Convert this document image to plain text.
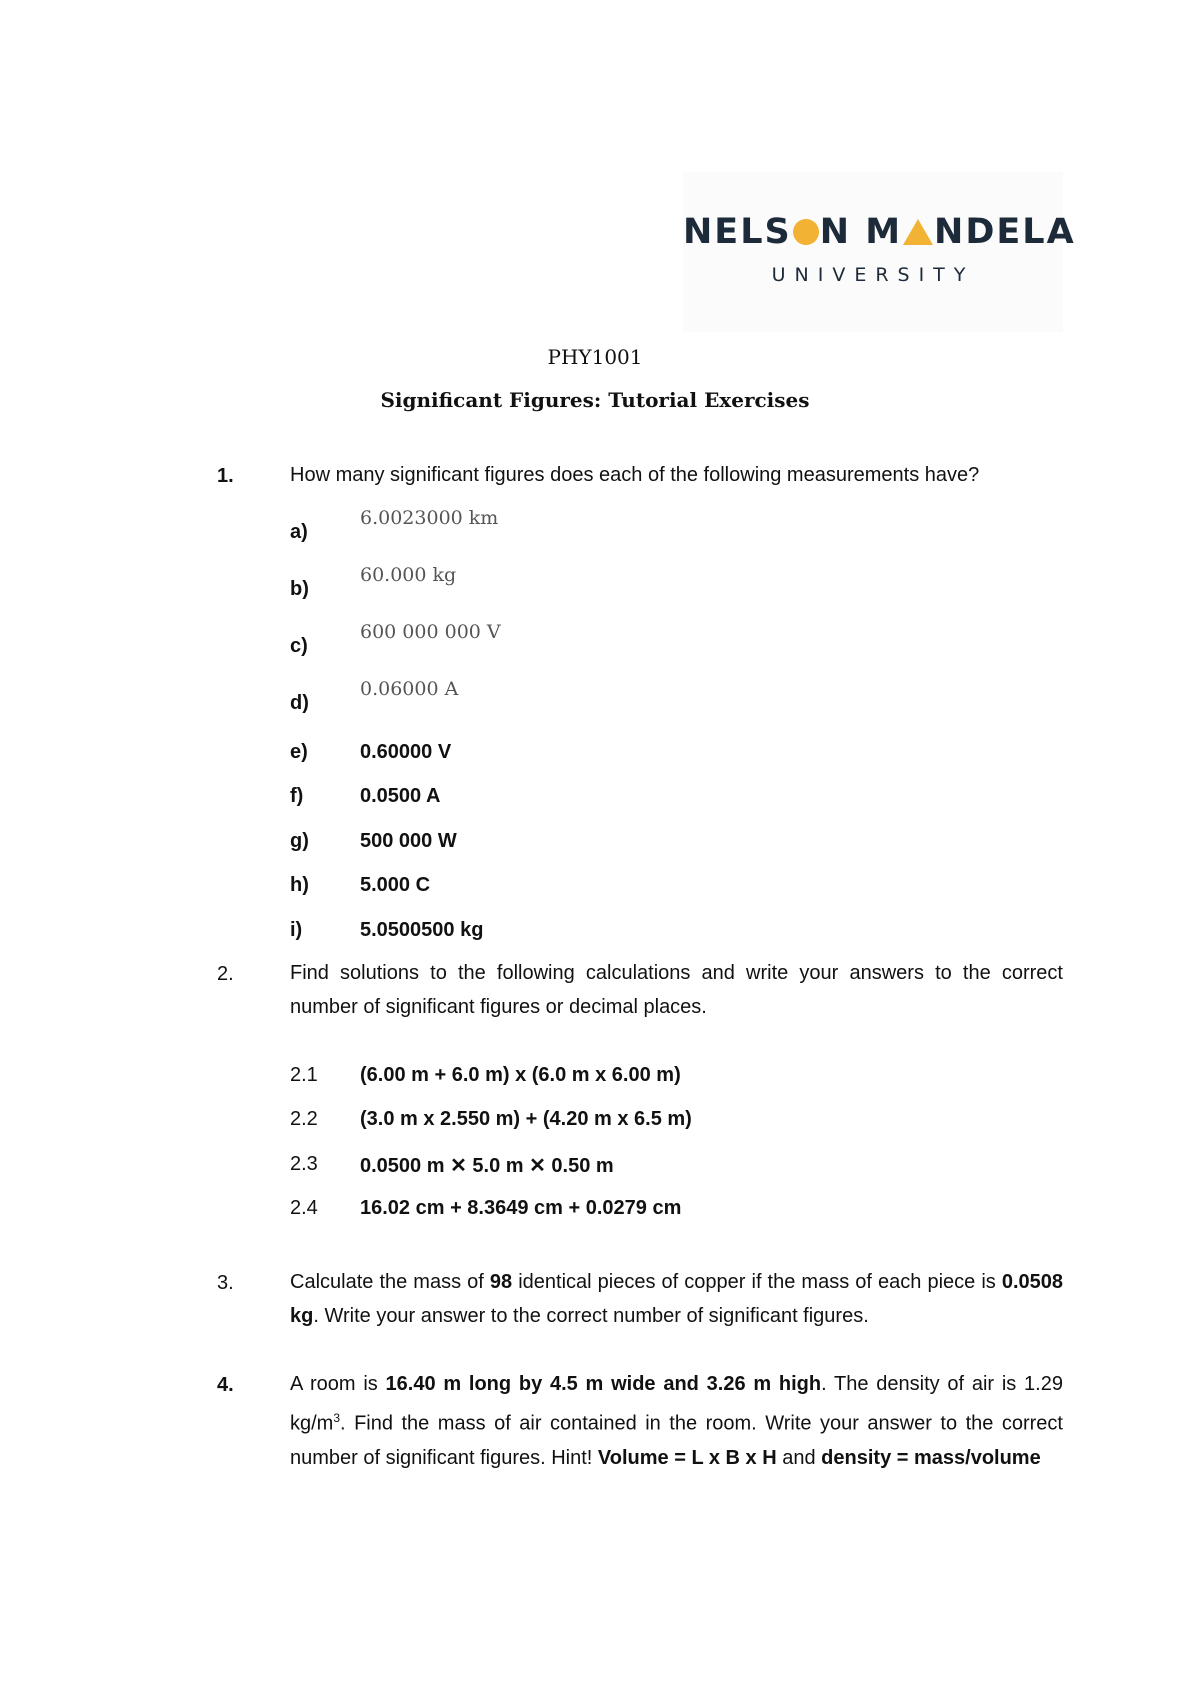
NELS N M NDELA
UNIVERSITY
PHY1001
Significant Figures: Tutorial Exercises
1.	How many significant figures does each of the following measurements have?
a)
6.0023000 km
b)
60.000 kg
c)
600 000 000 V
d)
0.06000 A
e)	0.60000 V
f)	0.0500 A
g)	500 000 W
h)	5.000 C
i)	5.0500500 kg
2.	Find solutions to the following calculations and write your answers to the correct number of significant figures or decimal places.
2.1 (6.00 m + 6.0 m) x (6.0 m x 6.00 m)
2.2 (3.0 m x 2.550 m) + (4.20 m x 6.5 m)
2.3 0.0500 m ✕ 5.0 m ✕ 0.50 m
2.4 16.02 cm + 8.3649 cm + 0.0279 cm
3.	Calculate the mass of 98 identical pieces of copper if the mass of each piece is 0.0508 kg. Write your answer to the correct number of significant figures.
4.	A room is 16.40 m long by 4.5 m wide and 3.26 m high. The density of air is 1.29 $kg/m^3$. Find the mass of air contained in the room. Write your answer to the correct number of significant figures. Hint! Volume = L x B x H and density = mass/volume
